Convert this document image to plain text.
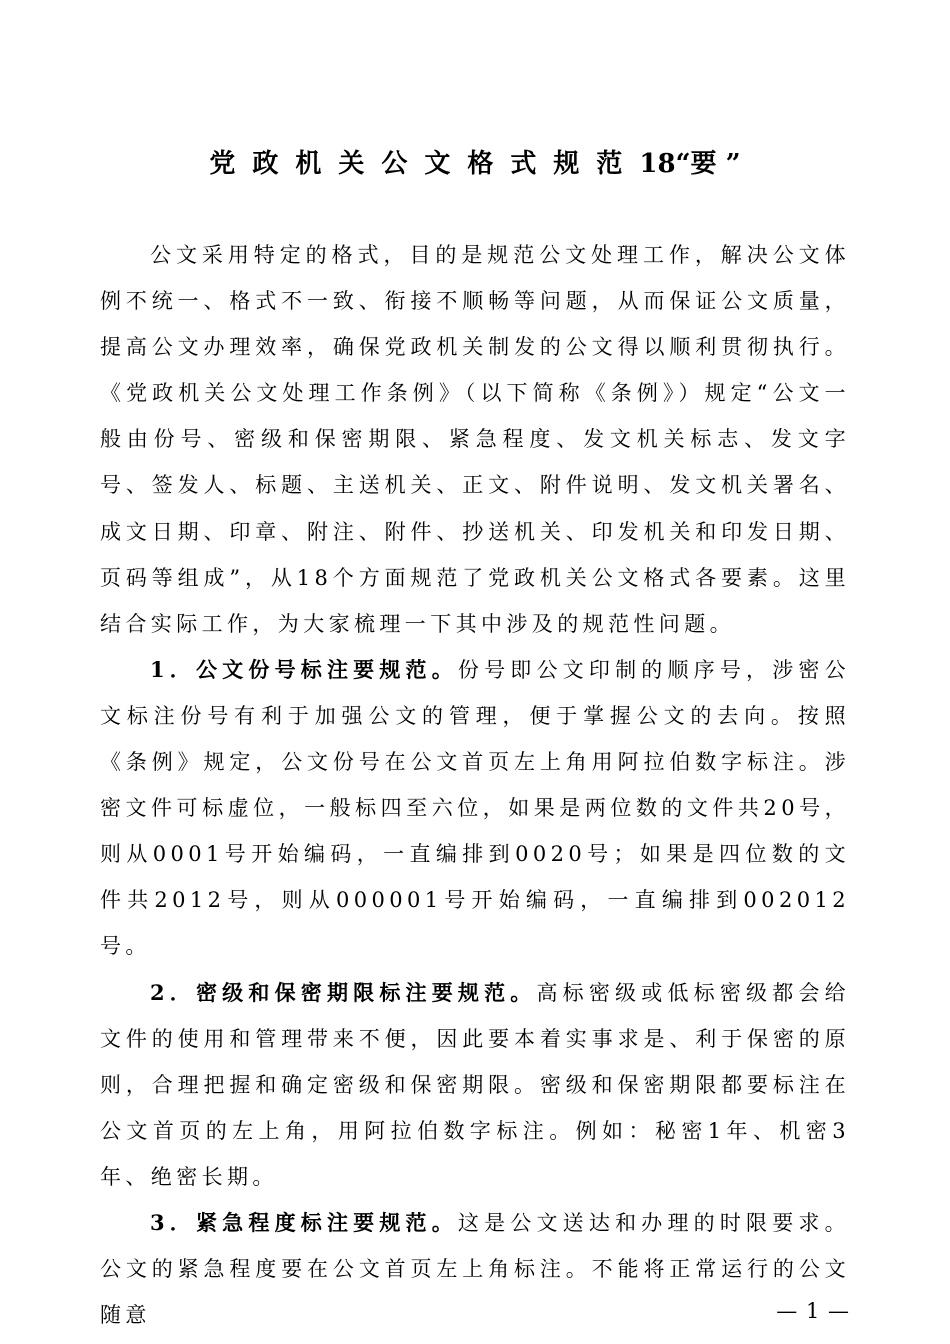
党政机关公文格式规范18“要 ”

公文采用特定的格式，目的是规范公文处理工作，解决公文体例不统一、格式不一致、衔接不顺畅等问题，从而保证公文质量，提高公文办理效率，确保党政机关制发的公文得以顺利贯彻执行。《党政机关公文处理工作条例》（以下简称《条例》）规定“公文一般由份号、密级和保密期限、紧急程度、发文机关标志、发文字号、签发人、标题、主送机关、正文、附件说明、发文机关署名、成文日期、印章、附注、附件、抄送机关、印发机关和印发日期、页码等组成”，从18个方面规范了党政机关公文格式各要素。这里结合实际工作，为大家梳理一下其中涉及的规范性问题。

1．公文份号标注要规范。份号即公文印制的顺序号，涉密公文标注份号有利于加强公文的管理，便于掌握公文的去向。按照《条例》规定，公文份号在公文首页左上角用阿拉伯数字标注。涉密文件可标虚位，一般标四至六位，如果是两位数的文件共20号，则从0001号开始编码，一直编排到0020号；如果是四位数的文件共2012号，则从000001号开始编码，一直编排到002012号。

2．密级和保密期限标注要规范。高标密级或低标密级都会给文件的使用和管理带来不便，因此要本着实事求是、利于保密的原则，合理把握和确定密级和保密期限。密级和保密期限都要标注在公文首页的左上角，用阿拉伯数字标注。例如：秘密1年、机密3年、绝密长期。

3．紧急程度标注要规范。这是公文送达和办理的时限要求。公文的紧急程度要在公文首页左上角标注。不能将正常运行的公文随意	— 1 —
